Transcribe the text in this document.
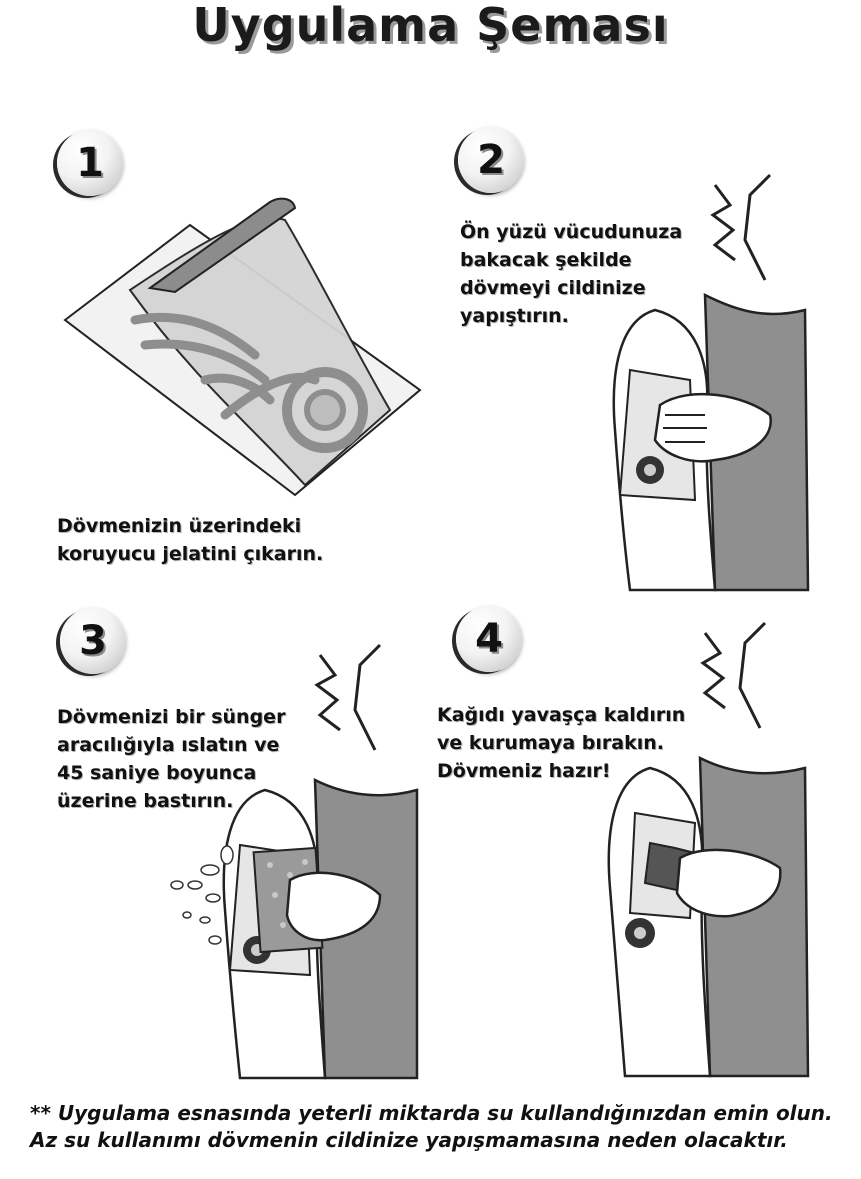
Uygulama Şeması
1
Dövmenizin üzerindeki
koruyucu jelatini çıkarın.
2
Ön yüzü vücudunuza
bakacak şekilde
dövmeyi cildinize
yapıştırın.
3
Dövmenizi bir sünger
aracılığıyla ıslatın ve
45 saniye boyunca
üzerine bastırın.
4
Kağıdı yavaşça kaldırın
ve kurumaya bırakın.
Dövmeniz hazır!
** Uygulama esnasında yeterli miktarda su kullandığınızdan emin olun. Az su kullanımı dövmenin cildinize yapışmamasına neden olacaktır.
